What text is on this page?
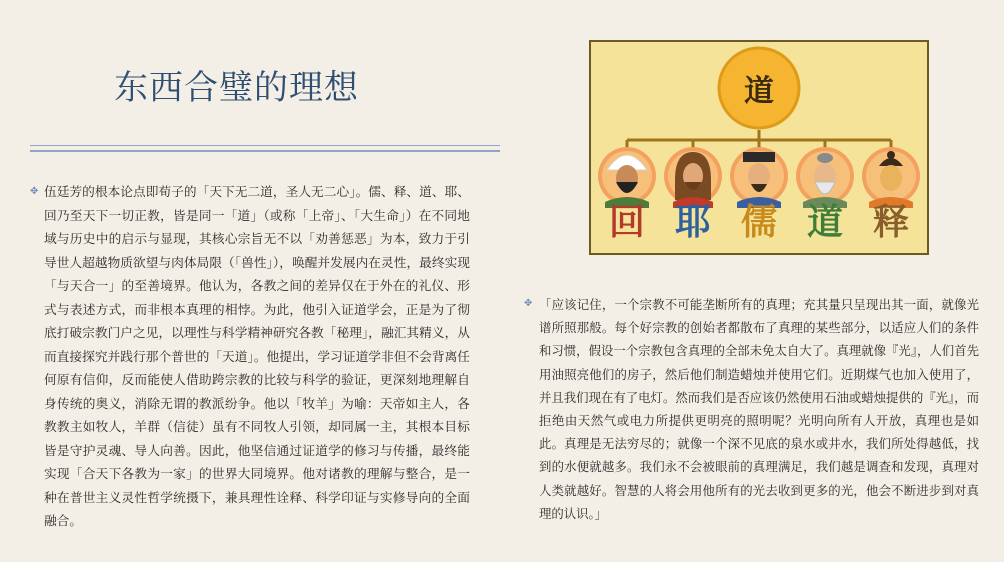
东西合璧的理想
✥ 伍廷芳的根本论点即荀子的「天下无二道，圣人无二心」。儒、释、道、耶、回乃至天下一切正教，皆是同一「道」（或称「上帝」、「大生命」）在不同地域与历史中的启示与显现，其核心宗旨无不以「劝善惩恶」为本，致力于引导世人超越物质欲望与肉体局限（「兽性」），唤醒并发展内在灵性，最终实现「与天合一」的至善境界。他认为，各教之间的差异仅在于外在的礼仪、形式与表述方式，而非根本真理的相悖。为此，他引入证道学会，正是为了彻底打破宗教门户之见，以理性与科学精神研究各教「秘理」，融汇其精义，从而直接探究并践行那个普世的「天道」。他提出，学习证道学非但不会背离任何原有信仰，反而能使人借助跨宗教的比较与科学的验证，更深刻地理解自身传统的奥义，消除无谓的教派纷争。他以「牧羊」为喻：天帝如主人，各教教主如牧人，羊群（信徒）虽有不同牧人引领，却同属一主，其根本目标皆是守护灵魂、导人向善。因此，他坚信通过证道学的修习与传播，最终能实现「合天下各教为一家」的世界大同境界。他对诸教的理解与整合，是一种在普世主义灵性哲学统摄下，兼具理性诠释、科学印证与实修导向的全面融合。
道
回 耶 儒 道 释
✥ 「应该记住，一个宗教不可能垄断所有的真理；充其量只呈现出其一面，就像光谱所照那般。每个好宗教的创始者都散布了真理的某些部分，以适应人们的条件和习惯，假设一个宗教包含真理的全部未免太自大了。真理就像『光』，人们首先用油照亮他们的房子，然后他们制造蜡烛并使用它们。近期煤气也加入使用了，并且我们现在有了电灯。然而我们是否应该仍然使用石油或蜡烛提供的『光』，而拒绝由天然气或电力所提供更明亮的照明呢？光明向所有人开放，真理也是如此。真理是无法穷尽的；就像一个深不见底的泉水或井水，我们所处得越低，找到的水便就越多。我们永不会被眼前的真理满足，我们越是调查和发现，真理对人类就越好。智慧的人将会用他所有的光去收到更多的光，他会不断进步到对真理的认识。」
